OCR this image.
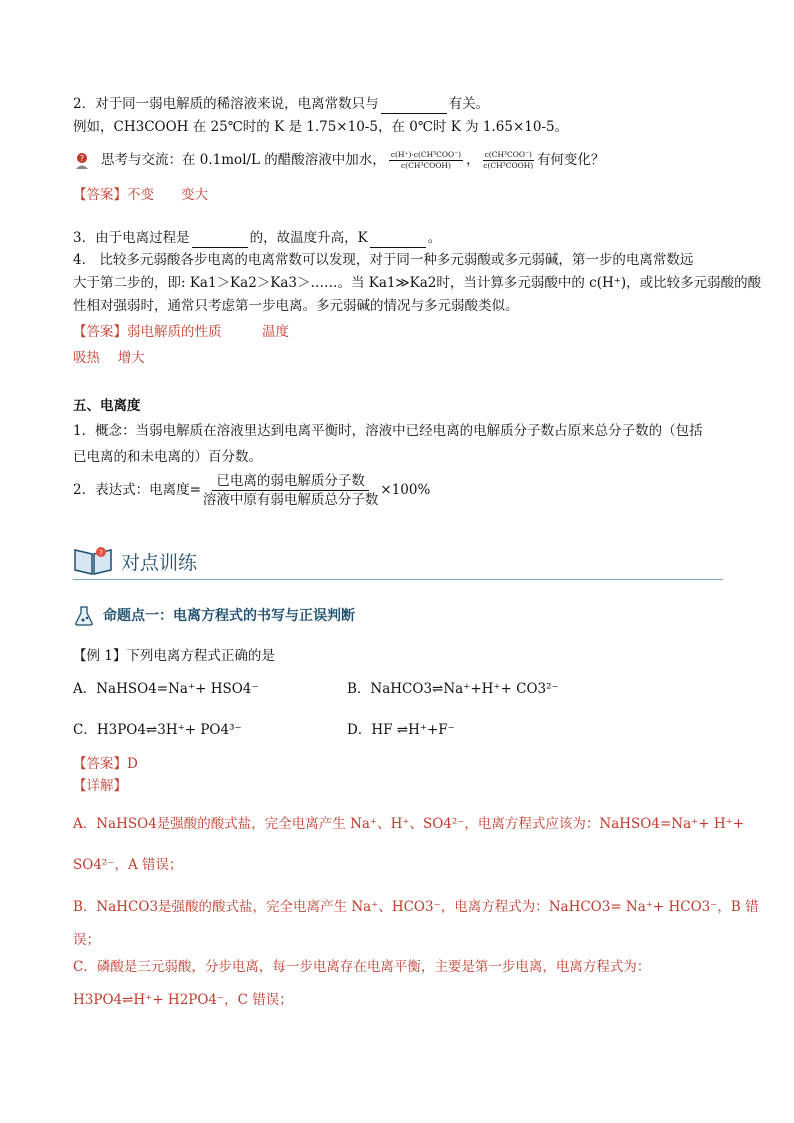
2．对于同一弱电解质的稀溶液来说，电离常数只与	有关。
例如，CH3COOH 在 25℃时的 K 是 1.75×10-5，在 0℃时 K 为 1.65×10-5。
? 思考与交流：在 0.1mol/L 的醋酸溶液中加水， $\frac{\text{c(H⁺)·c(CH³COO⁻)}}{\text{c(CH³COOH)}}$ ， $\frac{\text{c(CH³COO⁻)}}{\text{c(CH³COOH)}}$ 有何变化？
【答案】不变　　变大
3．由于电离过程是	的，故温度升高，K	。
4． 比较多元弱酸各步电离的电离常数可以发现，对于同一种多元弱酸或多元弱碱，第一步的电离常数远
大于第二步的，即: Ka1＞Ka2＞Ka3＞……。当 Ka1≫Ka2时，当计算多元弱酸中的 c(H⁺)，或比较多元弱酸的酸
性相对强弱时，通常只考虑第一步电离。多元弱碱的情况与多元弱酸类似。
【答案】弱电解质的性质　　　温度
吸热　 增大
五、电离度
1．概念：当弱电解质在溶液里达到电离平衡时，溶液中已经电离的电解质分子数占原来总分子数的（包括
已电离的和未电离的）百分数。
2．表达式：电离度= $\frac{\text{已电离的弱电解质分子数}}{\text{溶液中原有弱电解质总分子数}} \times 100\%$
? 对点训练
命题点一：电离方程式的书写与正误判断
【例 1】下列电离方程式正确的是
A．NaHSO4=Na⁺+ HSO4⁻	B．NaHCO3⇌Na⁺+H⁺+ CO3²⁻
C．H3PO4⇌3H⁺+ PO4³⁻	D．HF ⇌H⁺+F⁻
【答案】D
【详解】
A．NaHSO4是强酸的酸式盐，完全电离产生 Na⁺、H⁺、SO4²⁻，电离方程式应该为：NaHSO4=Na⁺+ H⁺+
SO4²⁻，A 错误；
B．NaHCO3是强酸的酸式盐，完全电离产生 Na⁺、HCO3⁻，电离方程式为：NaHCO3= Na⁺+ HCO3⁻，B 错
误；
C．磷酸是三元弱酸，分步电离，每一步电离存在电离平衡，主要是第一步电离，电离方程式为：
H3PO4⇌H⁺+ H2PO4⁻，C 错误；
